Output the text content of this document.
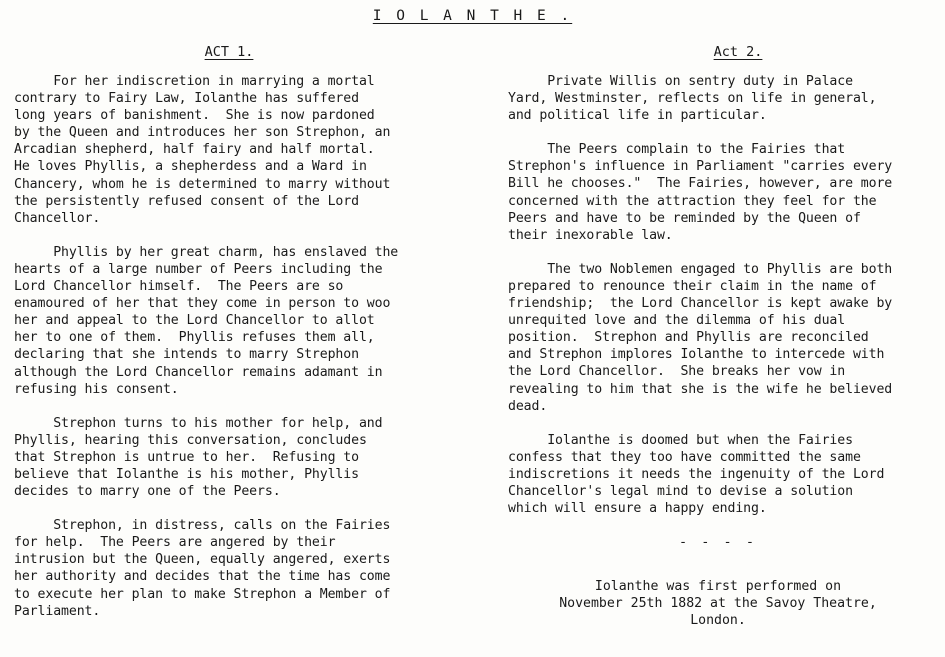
I O L A N T H E .
ACT 1.
For her indiscretion in marrying a mortal
contrary to Fairy Law, Iolanthe has suffered
long years of banishment.  She is now pardoned
by the Queen and introduces her son Strephon, an
Arcadian shepherd, half fairy and half mortal.
He loves Phyllis, a shepherdess and a Ward in
Chancery, whom he is determined to marry without
the persistently refused consent of the Lord
Chancellor.
Phyllis by her great charm, has enslaved the
hearts of a large number of Peers including the
Lord Chancellor himself.  The Peers are so
enamoured of her that they come in person to woo
her and appeal to the Lord Chancellor to allot
her to one of them.  Phyllis refuses them all,
declaring that she intends to marry Strephon
although the Lord Chancellor remains adamant in
refusing his consent.
Strephon turns to his mother for help, and
Phyllis, hearing this conversation, concludes
that Strephon is untrue to her.  Refusing to
believe that Iolanthe is his mother, Phyllis
decides to marry one of the Peers.
Strephon, in distress, calls on the Fairies
for help.  The Peers are angered by their
intrusion but the Queen, equally angered, exerts
her authority and decides that the time has come
to execute her plan to make Strephon a Member of
Parliament.
Act 2.
Private Willis on sentry duty in Palace
Yard, Westminster, reflects on life in general,
and political life in particular.
The Peers complain to the Fairies that
Strephon's influence in Parliament "carries every
Bill he chooses."  The Fairies, however, are more
concerned with the attraction they feel for the
Peers and have to be reminded by the Queen of
their inexorable law.
The two Noblemen engaged to Phyllis are both
prepared to renounce their claim in the name of
friendship;  the Lord Chancellor is kept awake by
unrequited love and the dilemma of his dual
position.  Strephon and Phyllis are reconciled
and Strephon implores Iolanthe to intercede with
the Lord Chancellor.  She breaks her vow in
revealing to him that she is the wife he believed
dead.
Iolanthe is doomed but when the Fairies
confess that they too have committed the same
indiscretions it needs the ingenuity of the Lord
Chancellor's legal mind to devise a solution
which will ensure a happy ending.
- - - -
Iolanthe was first performed on
November 25th 1882 at the Savoy Theatre,
London.
